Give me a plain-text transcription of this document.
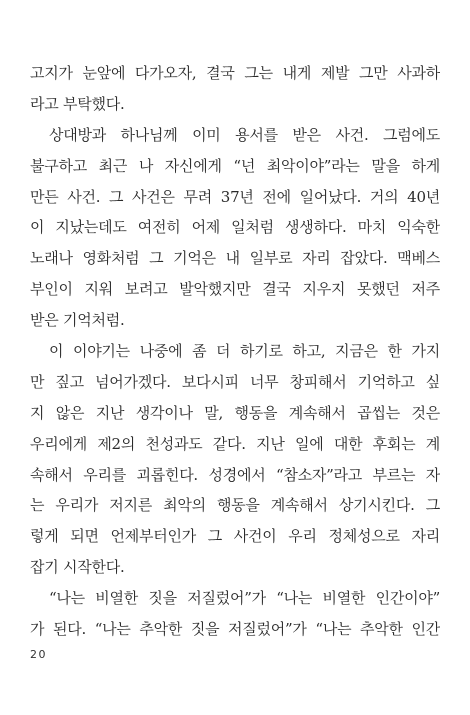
고지가 눈앞에 다가오자, 결국 그는 내게 제발 그만 사과하
라고 부탁했다.
상대방과 하나님께 이미 용서를 받은 사건. 그럼에도
불구하고 최근 나 자신에게 “넌 최악이야”라는 말을 하게
만든 사건. 그 사건은 무려 37년 전에 일어났다. 거의 40년
이 지났는데도 여전히 어제 일처럼 생생하다. 마치 익숙한
노래나 영화처럼 그 기억은 내 일부로 자리 잡았다. 맥베스
부인이 지워 보려고 발악했지만 결국 지우지 못했던 저주
받은 기억처럼.
이 이야기는 나중에 좀 더 하기로 하고, 지금은 한 가지
만 짚고 넘어가겠다. 보다시피 너무 창피해서 기억하고 싶
지 않은 지난 생각이나 말, 행동을 계속해서 곱씹는 것은
우리에게 제2의 천성과도 같다. 지난 일에 대한 후회는 계
속해서 우리를 괴롭힌다. 성경에서 “참소자”라고 부르는 자
는 우리가 저지른 최악의 행동을 계속해서 상기시킨다. 그
렇게 되면 언제부터인가 그 사건이 우리 정체성으로 자리
잡기 시작한다.
“나는 비열한 짓을 저질렀어”가 “나는 비열한 인간이야”
가 된다. “나는 추악한 짓을 저질렀어”가 “나는 추악한 인간
20
